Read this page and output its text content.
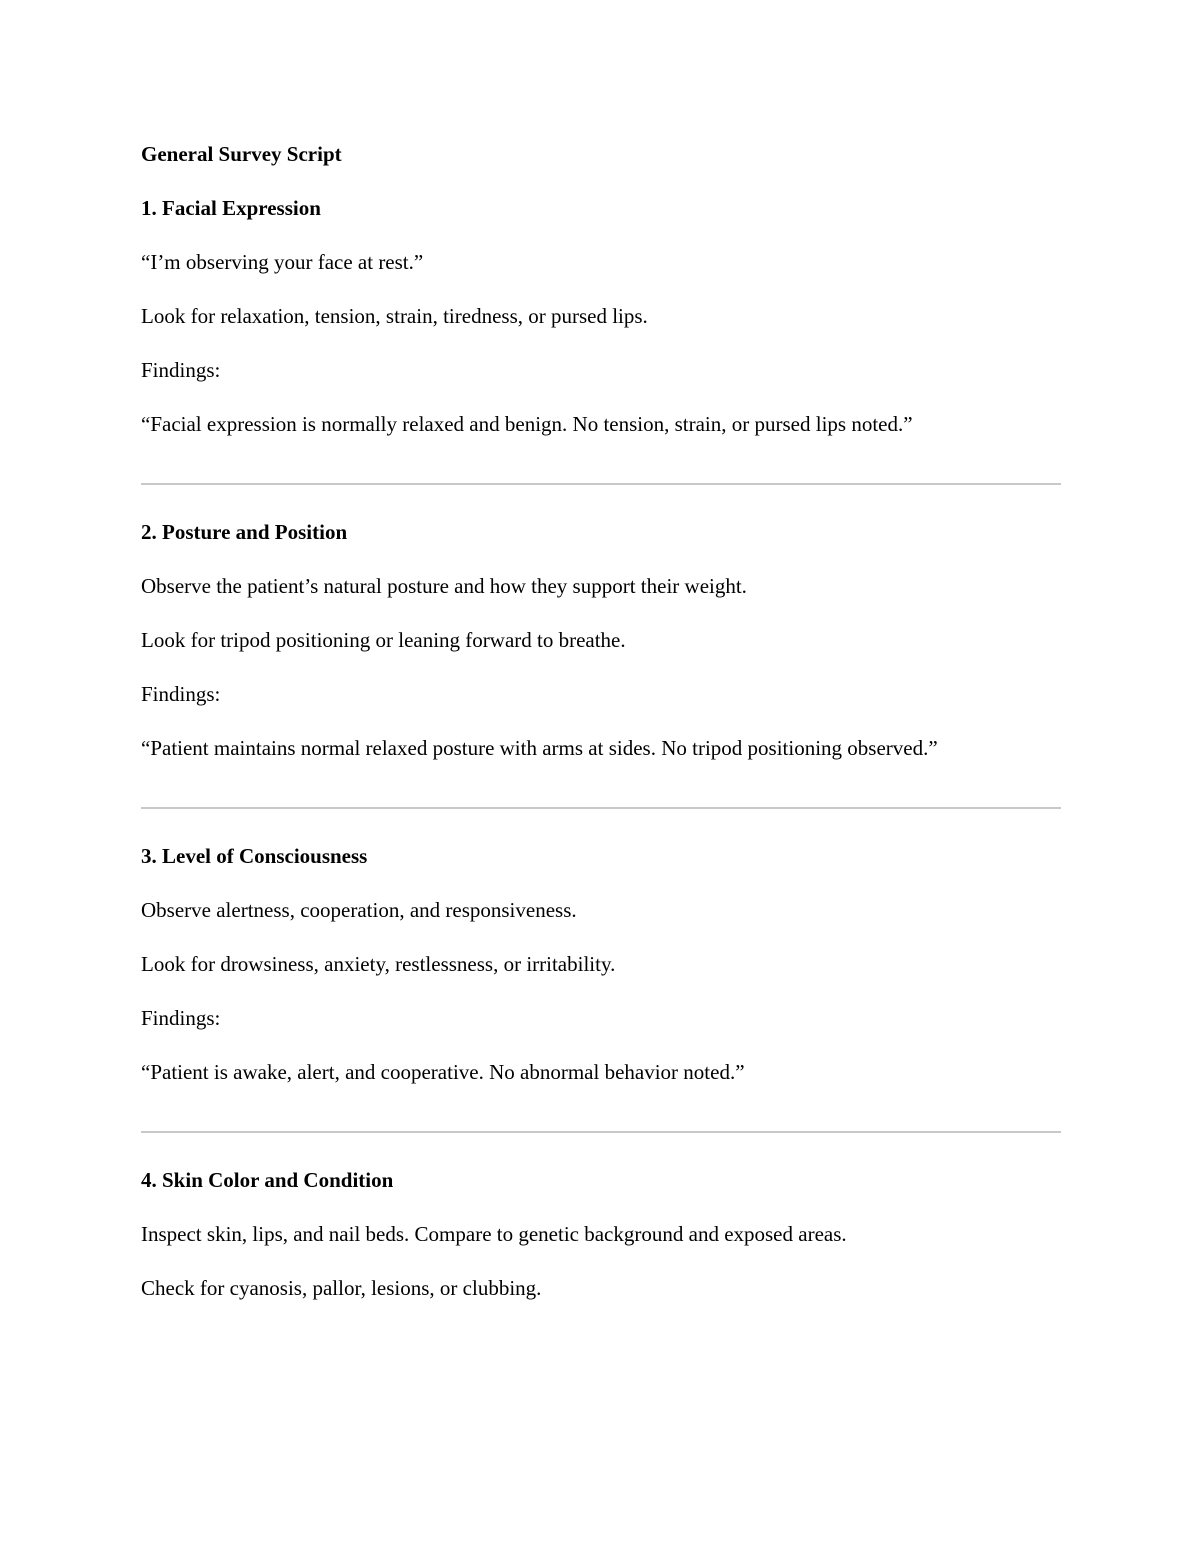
General Survey Script

1. Facial Expression

“I’m observing your face at rest.”

Look for relaxation, tension, strain, tiredness, or pursed lips.

Findings:

“Facial expression is normally relaxed and benign. No tension, strain, or pursed lips noted.”

2. Posture and Position

Observe the patient’s natural posture and how they support their weight.

Look for tripod positioning or leaning forward to breathe.

Findings:

“Patient maintains normal relaxed posture with arms at sides. No tripod positioning observed.”

3. Level of Consciousness

Observe alertness, cooperation, and responsiveness.

Look for drowsiness, anxiety, restlessness, or irritability.

Findings:

“Patient is awake, alert, and cooperative. No abnormal behavior noted.”

4. Skin Color and Condition

Inspect skin, lips, and nail beds. Compare to genetic background and exposed areas.

Check for cyanosis, pallor, lesions, or clubbing.
